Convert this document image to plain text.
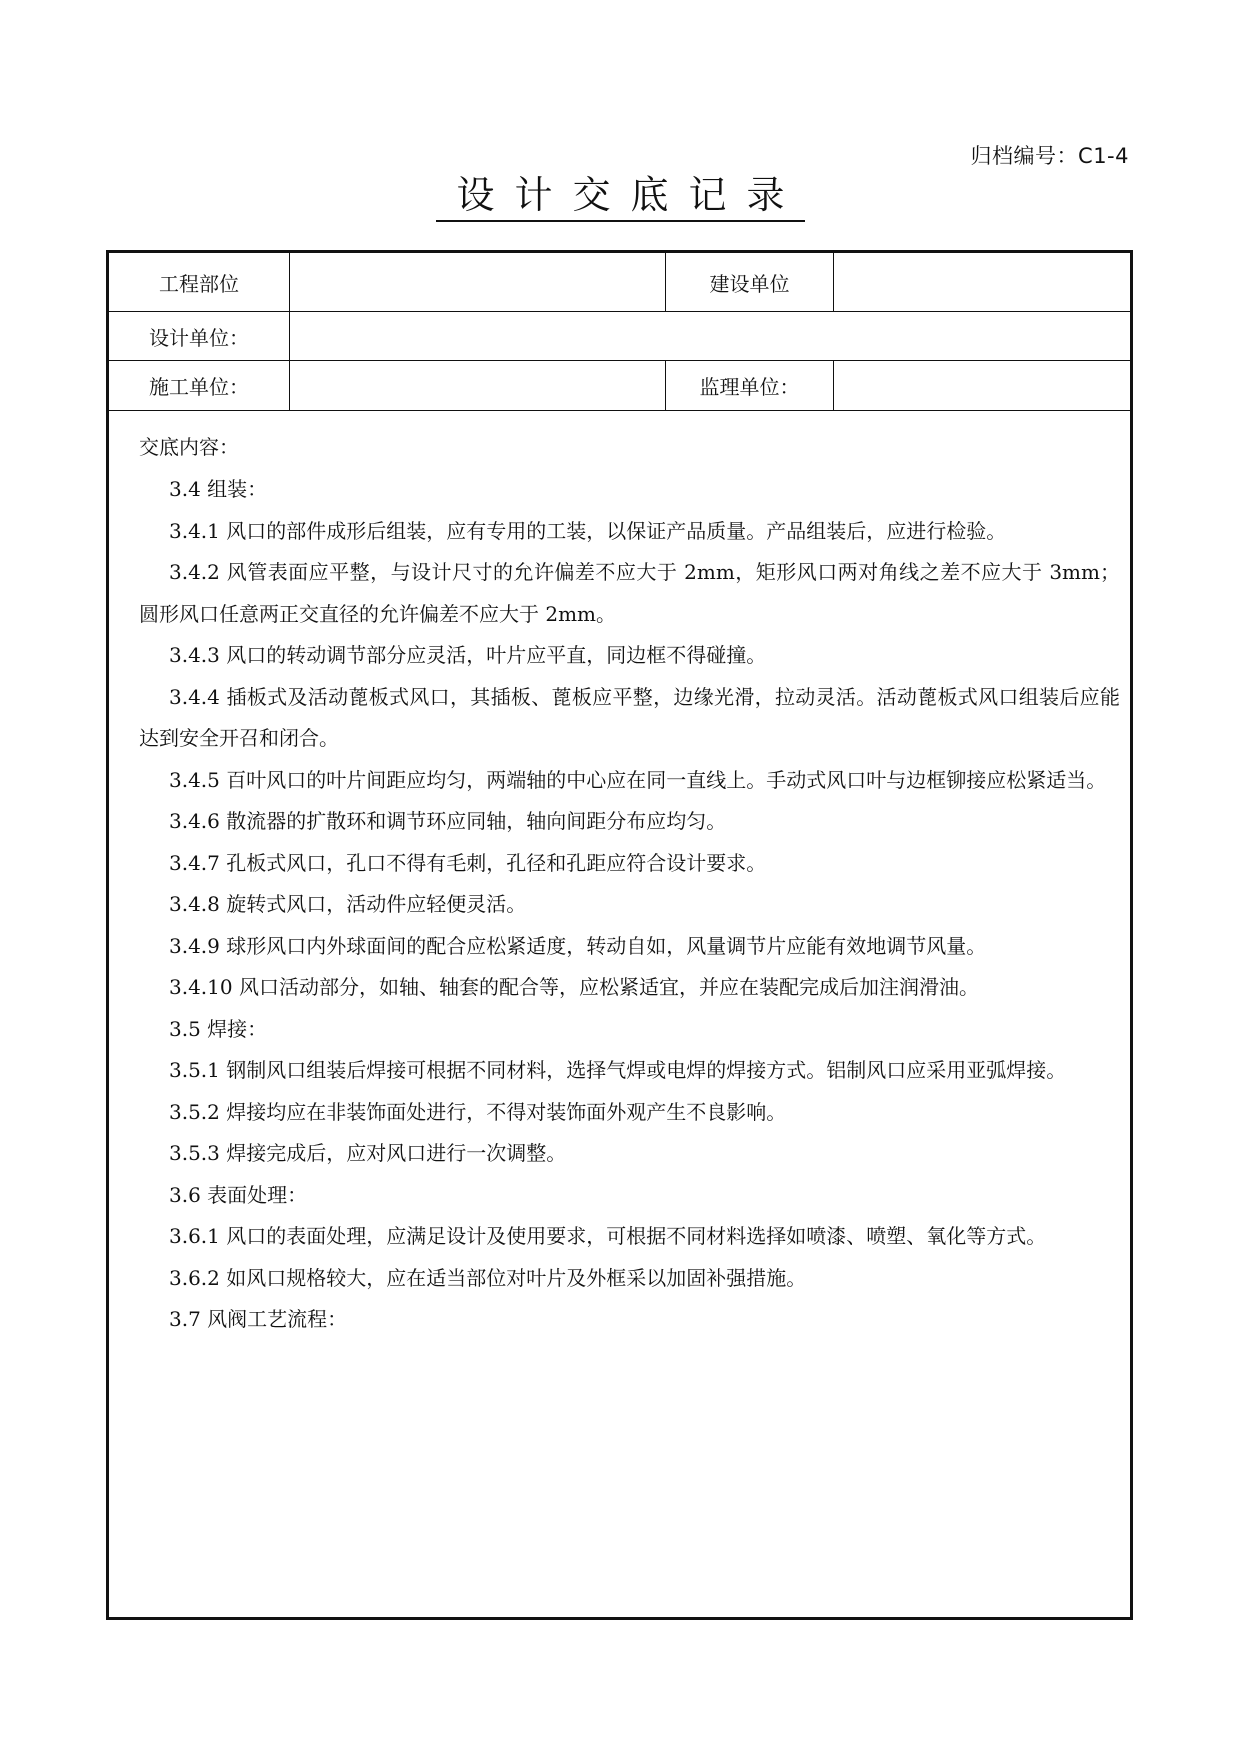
归档编号：C1-4
设计交底记录
工程部位	建设单位
设计单位：
施工单位：	监理单位：
交底内容：

3.4 组装：

3.4.1 风口的部件成形后组装，应有专用的工装，以保证产品质量。产品组装后，应进行检验。

3.4.2 风管表面应平整，与设计尺寸的允许偏差不应大于 2mm，矩形风口两对角线之差不应大于 3mm；圆形风口任意两正交直径的允许偏差不应大于 2mm。

3.4.3 风口的转动调节部分应灵活，叶片应平直，同边框不得碰撞。

3.4.4 插板式及活动蓖板式风口，其插板、蓖板应平整，边缘光滑，拉动灵活。活动蓖板式风口组装后应能达到安全开召和闭合。

3.4.5 百叶风口的叶片间距应均匀，两端轴的中心应在同一直线上。手动式风口叶与边框铆接应松紧适当。

3.4.6 散流器的扩散环和调节环应同轴，轴向间距分布应均匀。

3.4.7 孔板式风口，孔口不得有毛刺，孔径和孔距应符合设计要求。

3.4.8 旋转式风口，活动件应轻便灵活。

3.4.9 球形风口内外球面间的配合应松紧适度，转动自如，风量调节片应能有效地调节风量。

3.4.10 风口活动部分，如轴、轴套的配合等，应松紧适宜，并应在装配完成后加注润滑油。

3.5 焊接：

3.5.1 钢制风口组装后焊接可根据不同材料，选择气焊或电焊的焊接方式。铝制风口应采用亚弧焊接。

3.5.2 焊接均应在非装饰面处进行，不得对装饰面外观产生不良影响。

3.5.3 焊接完成后，应对风口进行一次调整。

3.6 表面处理：

3.6.1 风口的表面处理，应满足设计及使用要求，可根据不同材料选择如喷漆、喷塑、氧化等方式。

3.6.2 如风口规格较大，应在适当部位对叶片及外框采以加固补强措施。

3.7 风阀工艺流程：
